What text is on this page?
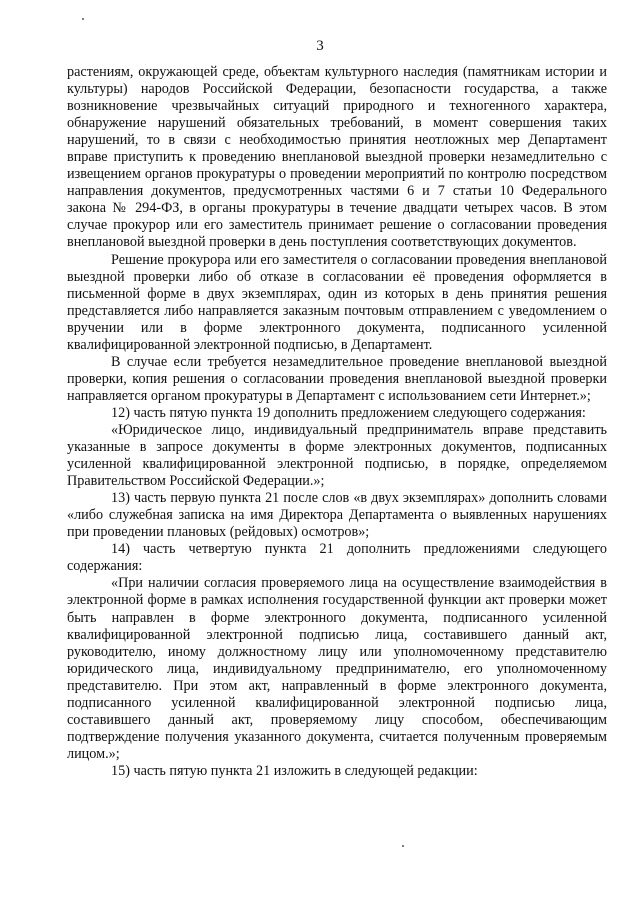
3

растениям, окружающей среде, объектам культурного наследия (памятникам истории и культуры) народов Российской Федерации, безопасности государства, а также возникновение чрезвычайных ситуаций природного и техногенного характера, обнаружение нарушений обязательных требований, в момент совершения таких нарушений, то в связи с необходимостью принятия неотложных мер Департамент вправе приступить к проведению внеплановой выездной проверки незамедлительно с извещением органов прокуратуры о проведении мероприятий по контролю посредством направления документов, предусмотренных частями 6 и 7 статьи 10 Федерального закона № 294-ФЗ, в органы прокуратуры в течение двадцати четырех часов. В этом случае прокурор или его заместитель принимает решение о согласовании проведения внеплановой выездной проверки в день поступления соответствующих документов.

Решение прокурора или его заместителя о согласовании проведения внеплановой выездной проверки либо об отказе в согласовании её проведения оформляется в письменной форме в двух экземплярах, один из которых в день принятия решения представляется либо направляется заказным почтовым отправлением с уведомлением о вручении или в форме электронного документа, подписанного усиленной квалифицированной электронной подписью, в Департамент.

В случае если требуется незамедлительное проведение внеплановой выездной проверки, копия решения о согласовании проведения внеплановой выездной проверки направляется органом прокуратуры в Департамент с использованием сети Интернет.»;

12) часть пятую пункта 19 дополнить предложением следующего содержания:

«Юридическое лицо, индивидуальный предприниматель вправе представить указанные в запросе документы в форме электронных документов, подписанных усиленной квалифицированной электронной подписью, в порядке, определяемом Правительством Российской Федерации.»;

13) часть первую пункта 21 после слов «в двух экземплярах» дополнить словами «либо служебная записка на имя Директора Департамента о выявленных нарушениях при проведении плановых (рейдовых) осмотров»;

14) часть четвертую пункта 21 дополнить предложениями следующего содержания:

«При наличии согласия проверяемого лица на осуществление взаимодействия в электронной форме в рамках исполнения государственной функции акт проверки может быть направлен в форме электронного документа, подписанного усиленной квалифицированной электронной подписью лица, составившего данный акт, руководителю, иному должностному лицу или уполномоченному представителю юридического лица, индивидуальному предпринимателю, его уполномоченному представителю. При этом акт, направленный в форме электронного документа, подписанного усиленной квалифицированной электронной подписью лица, составившего данный акт, проверяемому лицу способом, обеспечивающим подтверждение получения указанного документа, считается полученным проверяемым лицом.»;

15) часть пятую пункта 21 изложить в следующей редакции:
